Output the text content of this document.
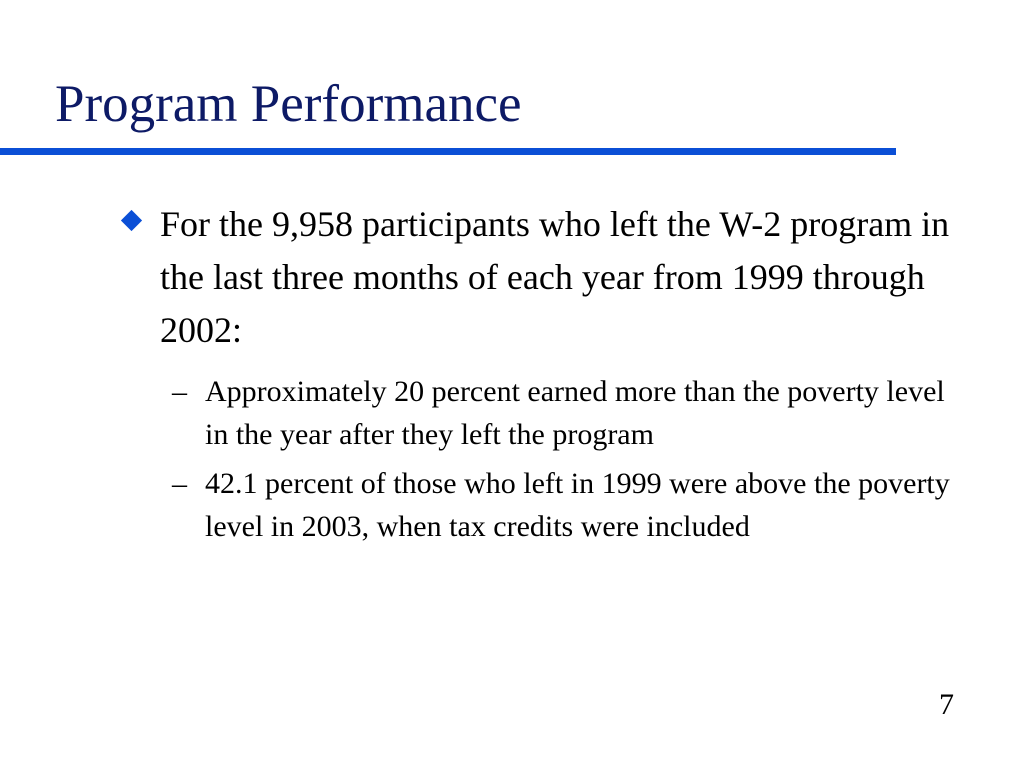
Program Performance
For the 9,958 participants who left the W-2 program in the last three months of each year from 1999 through 2002:
– Approximately 20 percent earned more than the poverty level in the year after they left the program
– 42.1 percent of those who left in 1999 were above the poverty level in 2003, when tax credits were included
7
